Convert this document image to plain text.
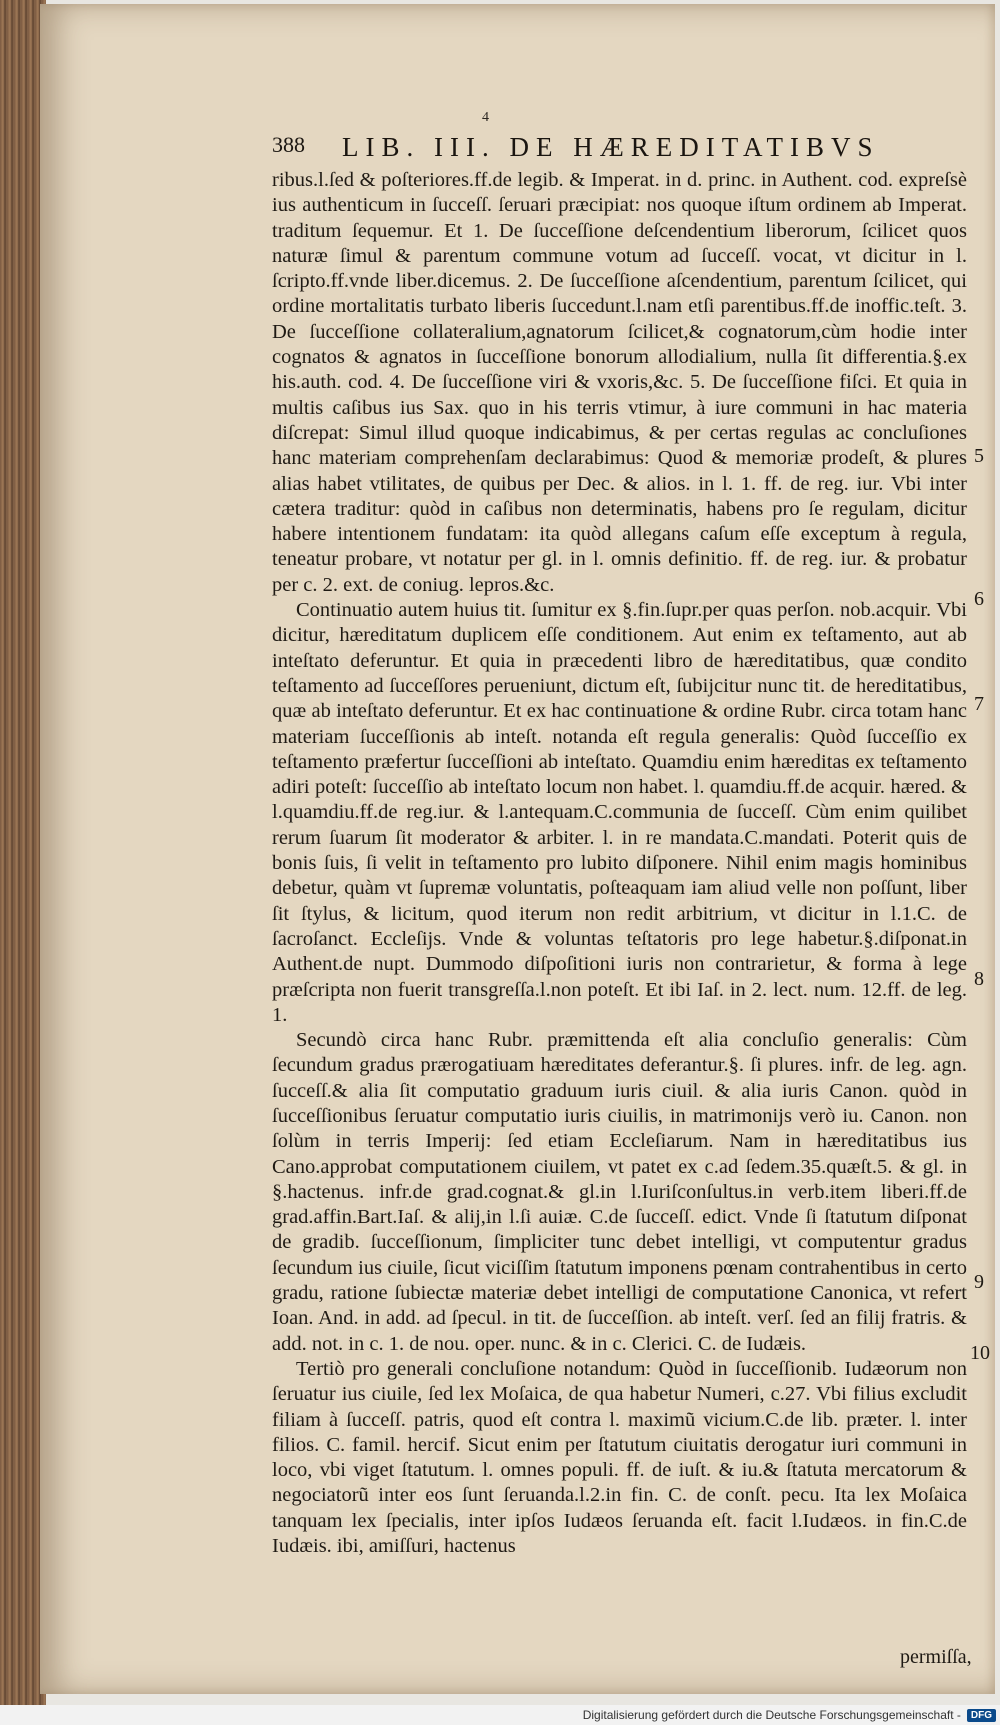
4
388 LIB. III. DE HÆREDITATIBVS

ribus.l.ſed & poſteriores.ff.de legib. & Imperat. in d. princ. in Authent. cod. expreſsè ius authenticum in ſucceſſ. ſeruari præcipiat: nos quoque iſtum ordinem ab Imperat. traditum ſequemur. Et 1. De ſucceſſione deſcendentium liberorum, ſcilicet quos naturæ ſimul & parentum commune votum ad ſucceſſ. vocat, vt dicitur in l. ſcripto.ff.vnde liber.dicemus. 2. De ſucceſſione aſcendentium, parentum ſcilicet, qui ordine mortalitatis turbato liberis ſuccedunt.l.nam etſi parentibus.ff.de inoffic.teſt. 3. De ſucceſſione collateralium,agnatorum ſcilicet,& cognatorum,cùm hodie inter cognatos & agnatos in ſucceſſione bonorum allodialium, nulla ſit differentia.§.ex his.auth. cod. 4. De ſucceſſione viri & vxoris,&c. 5. De ſucceſſione fiſci. Et quia in multis caſibus ius Sax. quo in his terris vtimur, à iure communi in hac materia diſcrepat: Simul illud quoque indicabimus, & per certas regulas ac concluſiones hanc materiam comprehenſam declarabimus: Quod & memoriæ prodeſt, & plures alias habet vtilitates, de quibus per Dec. & alios. in l. 1. ff. de reg. iur. Vbi inter cætera traditur: quòd in caſibus non determinatis, habens pro ſe regulam, dicitur habere intentionem fundatam: ita quòd allegans caſum eſſe exceptum à regula, teneatur probare, vt notatur per gl. in l. omnis definitio. ff. de reg. iur. & probatur per c. 2. ext. de coniug. lepros.&c.

Continuatio autem huius tit. ſumitur ex §.fin.ſupr.per quas perſon. nob.acquir. Vbi dicitur, hæreditatum duplicem eſſe conditionem. Aut enim ex teſtamento, aut ab inteſtato deferuntur. Et quia in præcedenti libro de hæreditatibus, quæ condito teſtamento ad ſucceſſores perueniunt, dictum eſt, ſubijcitur nunc tit. de hereditatibus, quæ ab inteſtato deferuntur. Et ex hac continuatione & ordine Rubr. circa totam hanc materiam ſucceſſionis ab inteſt. notanda eſt regula generalis: Quòd ſucceſſio ex teſtamento præfertur ſucceſſioni ab inteſtato. Quamdiu enim hæreditas ex teſtamento adiri poteſt: ſucceſſio ab inteſtato locum non habet. l. quamdiu.ff.de acquir. hæred. & l.quamdiu.ff.de reg.iur. & l.antequam.C.communia de ſucceſſ. Cùm enim quilibet rerum ſuarum ſit moderator & arbiter. l. in re mandata.C.mandati. Poterit quis de bonis ſuis, ſi velit in teſtamento pro lubito diſponere. Nihil enim magis hominibus debetur, quàm vt ſupremæ voluntatis, poſteaquam iam aliud velle non poſſunt, liber ſit ſtylus, & licitum, quod iterum non redit arbitrium, vt dicitur in l.1.C. de ſacroſanct. Eccleſijs. Vnde & voluntas teſtatoris pro lege habetur.§.diſponat.in Authent.de nupt. Dummodo diſpoſitioni iuris non contrarietur, & forma à lege præſcripta non fuerit transgreſſa.l.non poteſt. Et ibi Iaſ. in 2. lect. num. 12.ff. de leg. 1.

Secundò circa hanc Rubr. præmittenda eſt alia concluſio generalis: Cùm ſecundum gradus prærogatiuam hæreditates deferantur.§. ſi plures. infr. de leg. agn. ſucceſſ.& alia ſit computatio graduum iuris ciuil. & alia iuris Canon. quòd in ſucceſſionibus ſeruatur computatio iuris ciuilis, in matrimonijs verò iu. Canon. non ſolùm in terris Imperij: ſed etiam Eccleſiarum. Nam in hæreditatibus ius Cano.approbat computationem ciuilem, vt patet ex c.ad ſedem.35.quæſt.5. & gl. in §.hactenus. infr.de grad.cognat.& gl.in l.Iuriſconſultus.in verb.item liberi.ff.de grad.affin.Bart.Iaſ. & alij,in l.ſi auiæ. C.de ſucceſſ. edict. Vnde ſi ſtatutum diſponat de gradib. ſucceſſionum, ſimpliciter tunc debet intelligi, vt computentur gradus ſecundum ius ciuile, ſicut viciſſim ſtatutum imponens pœnam contrahentibus in certo gradu, ratione ſubiectæ materiæ debet intelligi de computatione Canonica, vt refert Ioan. And. in add. ad ſpecul. in tit. de ſucceſſion. ab inteſt. verſ. ſed an filij fratris. & add. not. in c. 1. de nou. oper. nunc. & in c. Clerici. C. de Iudæis.

Tertiò pro generali concluſione notandum: Quòd in ſucceſſionib. Iudæorum non ſeruatur ius ciuile, ſed lex Moſaica, de qua habetur Numeri, c.27. Vbi filius excludit filiam à ſucceſſ. patris, quod eſt contra l. maximũ vicium.C.de lib. præter. l. inter filios. C. famil. hercif. Sicut enim per ſtatutum ciuitatis derogatur iuri communi in loco, vbi viget ſtatutum. l. omnes populi. ff. de iuſt. & iu.& ſtatuta mercatorum & negociatorũ inter eos ſunt ſeruanda.l.2.in fin. C. de conſt. pecu. Ita lex Moſaica tanquam lex ſpecialis, inter ipſos Iudæos ſeruanda eſt. facit l.Iudæos. in fin.C.de Iudæis. ibi, amiſſuri, hactenus

5
6
7
8
9
10
permiſſa,
Digitalisierung gefördert durch die Deutsche Forschungsgemeinschaft -	DFG
